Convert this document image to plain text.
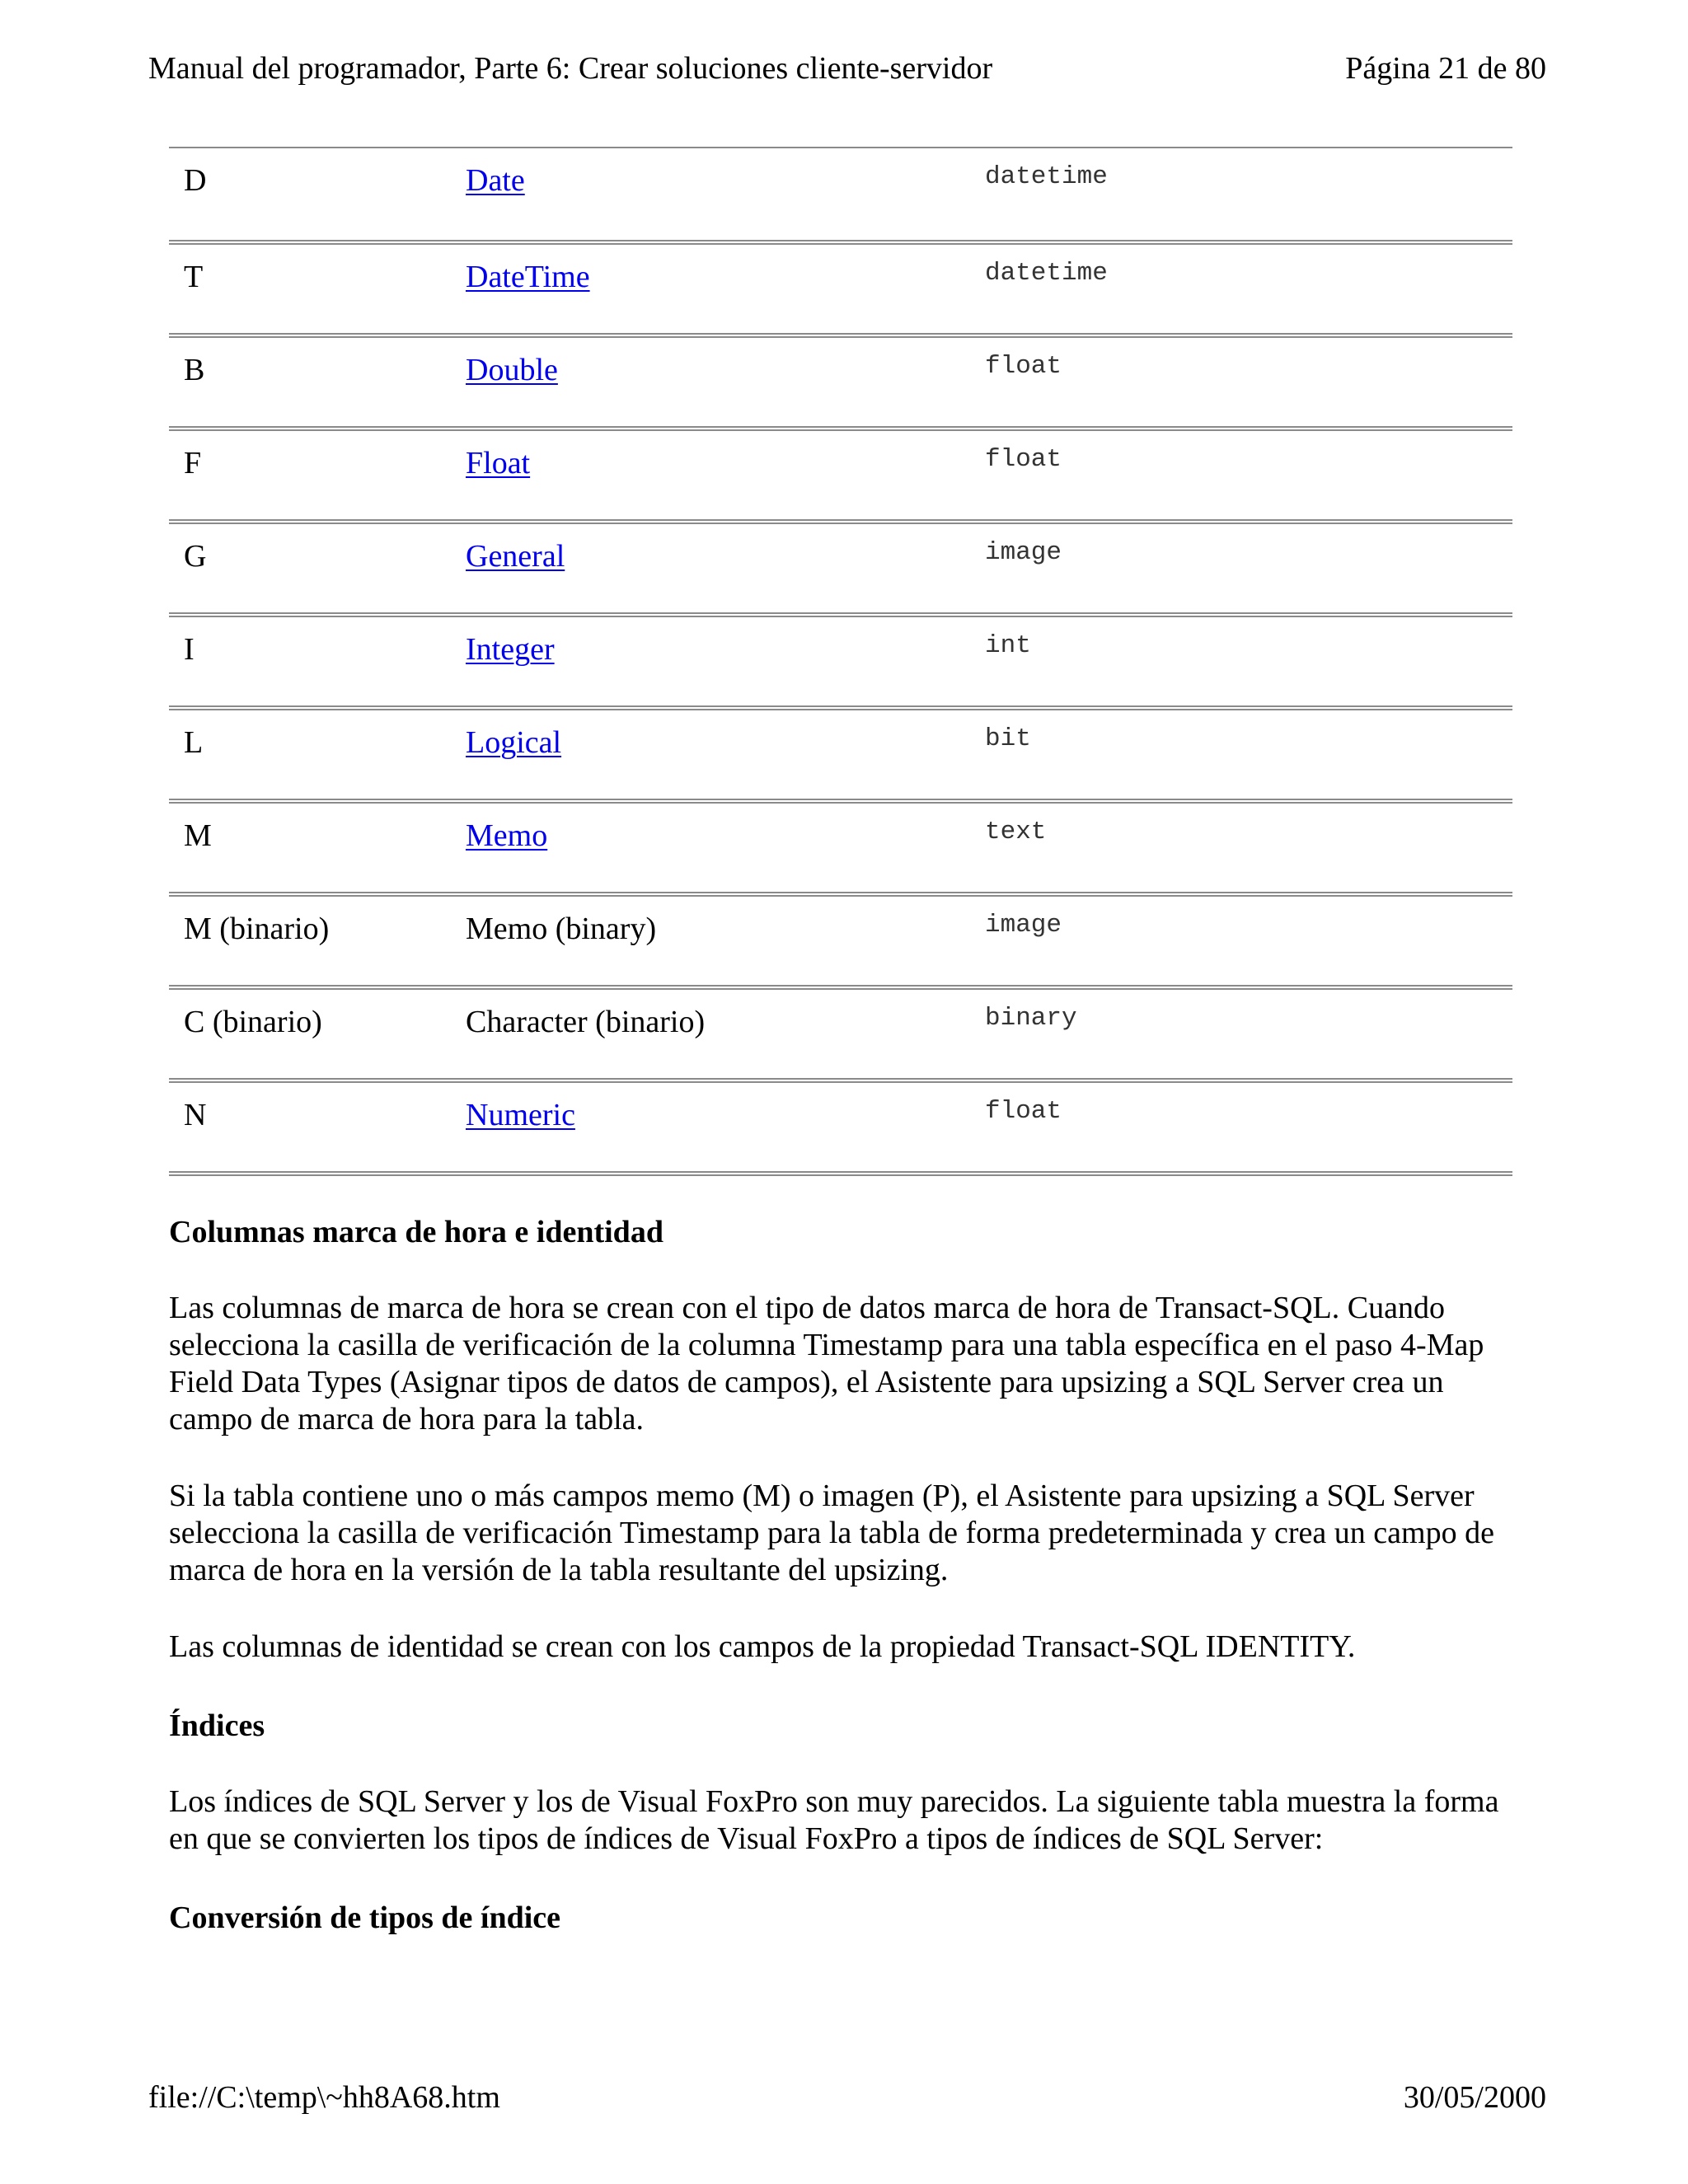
Manual del programador, Parte 6: Crear soluciones cliente-servidor	Página 21 de 80
D	Date	datetime
T	DateTime	datetime
B	Double	float
F	Float	float
G	General	image
I	Integer	int
L	Logical	bit
M	Memo	text
M (binario)	Memo (binary)	image
C (binario)	Character (binario)	binary
N	Numeric	float
Columnas marca de hora e identidad

Las columnas de marca de hora se crean con el tipo de datos marca de hora de Transact-SQL. Cuando selecciona la casilla de verificación de la columna Timestamp para una tabla específica en el paso 4-Map Field Data Types (Asignar tipos de datos de campos), el Asistente para upsizing a SQL Server crea un campo de marca de hora para la tabla.

Si la tabla contiene uno o más campos memo (M) o imagen (P), el Asistente para upsizing a SQL Server selecciona la casilla de verificación Timestamp para la tabla de forma predeterminada y crea un campo de marca de hora en la versión de la tabla resultante del upsizing.

Las columnas de identidad se crean con los campos de la propiedad Transact-SQL IDENTITY.

Índices

Los índices de SQL Server y los de Visual FoxPro son muy parecidos. La siguiente tabla muestra la forma en que se convierten los tipos de índices de Visual FoxPro a tipos de índices de SQL Server:

Conversión de tipos de índice
file://C:\temp\~hh8A68.htm	30/05/2000
